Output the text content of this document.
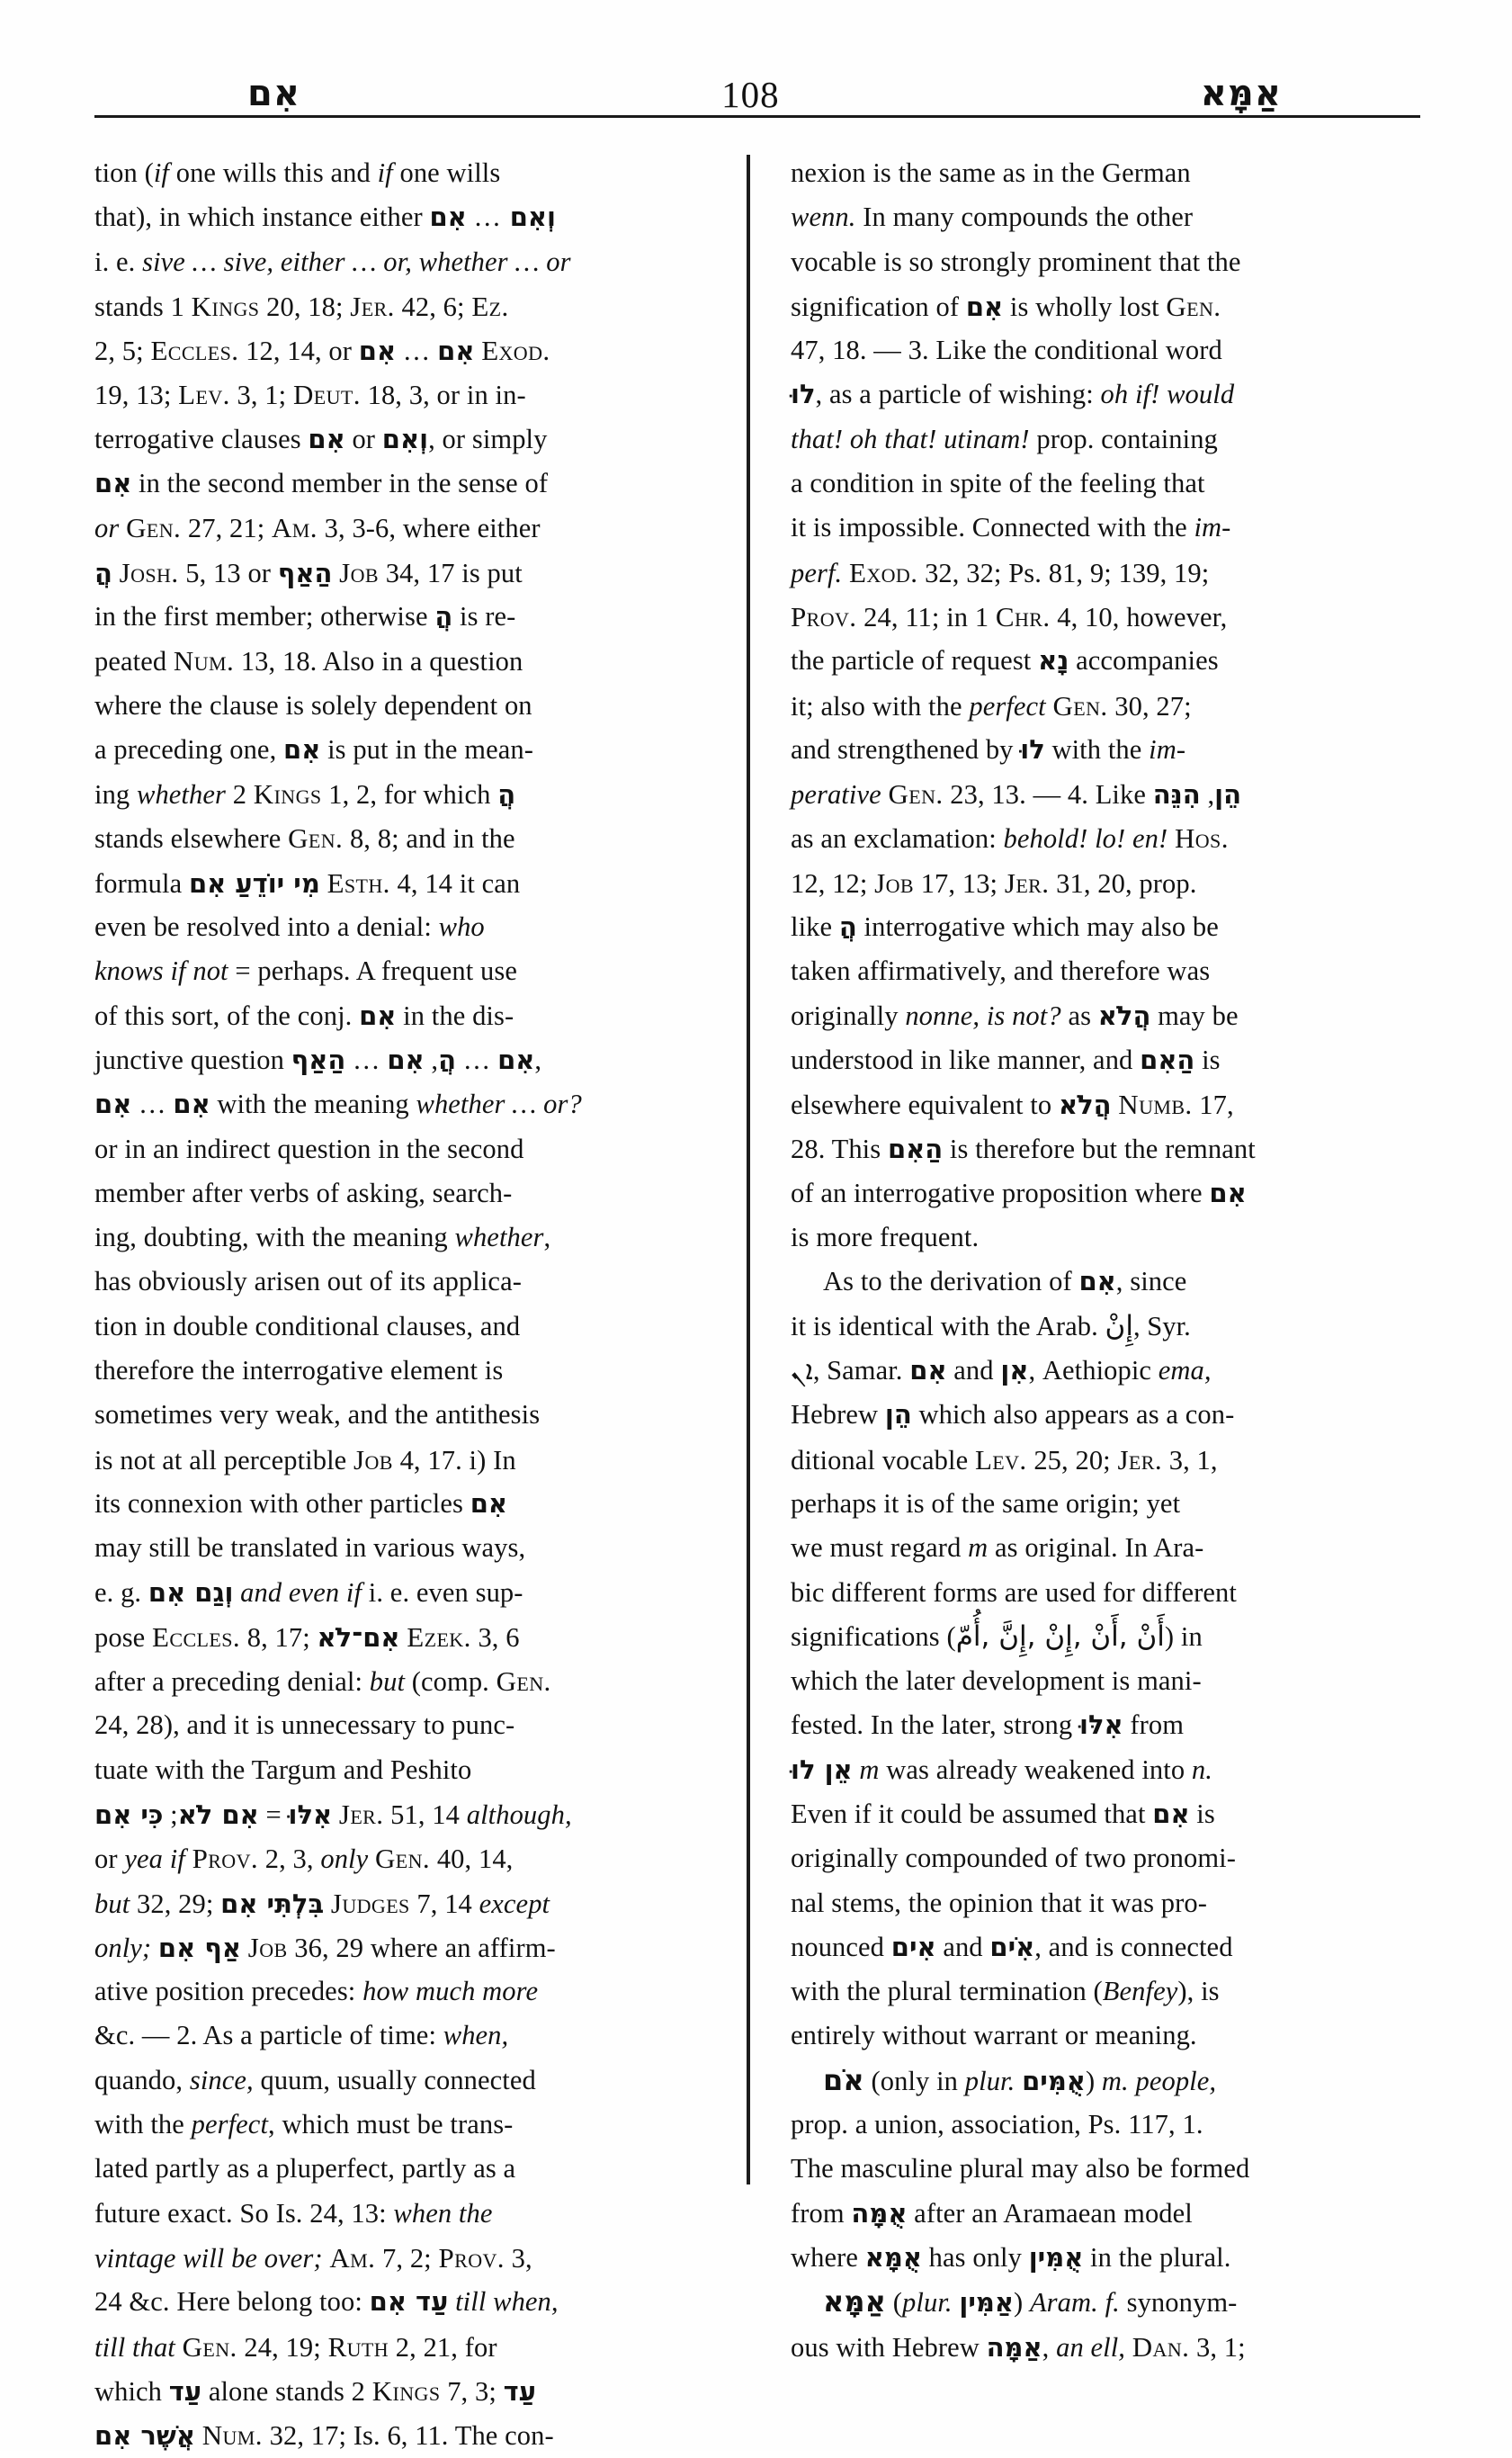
אִם	108	אַמָּא
tion (if one wills this and if one wills
that), in which instance either	וְאִם … אִם
i. e. sive … sive, either … or, whether … or
stands 1 Kings 20, 18; Jer. 42, 6; Ez.
2, 5; Eccles. 12, 14, or	אִם … אִם	Exod.
19, 13; Lev. 3, 1; Deut. 18, 3, or in in-
terrogative clauses אִם or וְאִם, or simply
אִם in the second member in the sense of
or Gen. 27, 21; Am. 3, 3-6, where either
הֲ Josh. 5, 13 or הַאַף Job 34, 17 is put
in the first member; otherwise הֲ is re-
peated Num. 13, 18. Also in a question
where the clause is solely dependent on
a preceding one, אִם is put in the mean-
ing whether 2 Kings 1, 2, for which הֲ
stands elsewhere Gen. 8, 8; and in the
formula מִי יוֹדֵעַ אִם Esth. 4, 14 it can
even be resolved into a denial: who
knows if not = perhaps. A frequent use
of this sort, of the conj. אִם in the dis-
junctive question	אִם … הֲ, אִם … הַאַף	,
אִם … אִם	with the meaning whether … or?
or in an indirect question in the second
member after verbs of asking, search-
ing, doubting, with the meaning whether,
has obviously arisen out of its applica-
tion in double conditional clauses, and
therefore the interrogative element is
sometimes very weak, and the antithesis
is not at all perceptible Job 4, 17. i) In
its connexion with other particles אִם
may still be translated in various ways,
e. g. וְגַם אִם and even if i. e. even sup-
pose Eccles. 8, 17; אִם־לֹא Ezek. 3, 6
after a preceding denial: but (comp. Gen.
24, 28), and it is unnecessary to punc-
tuate with the Targum and Peshito
אִלּוּ = אִם לֹא; כִּי אִם	Jer. 51, 14 although,
or yea if Prov. 2, 3, only Gen. 40, 14,
but 32, 29; בִּלְתִּי אִם Judges 7, 14 except
only; אַף אִם Job 36, 29 where an affirm-
ative position precedes: how much more
&c. — 2. As a particle of time: when,
quando, since, quum, usually connected
with the perfect, which must be trans-
lated partly as a pluperfect, partly as a
future exact. So Is. 24, 13: when the
vintage will be over; Am. 7, 2; Prov. 3,
24 &c. Here belong too: עַד אִם till when,
till that Gen. 24, 19; Ruth 2, 21, for
which עַד alone stands 2 Kings 7, 3; עַד
אֲשֶׁר אִם Num. 32, 17; Is. 6, 11. The con-
nexion is the same as in the German
wenn. In many compounds the other
vocable is so strongly prominent that the
signification of אִם is wholly lost Gen.
47, 18. — 3. Like the conditional word
לוּ, as a particle of wishing: oh if! would
that! oh that! utinam! prop. containing
a condition in spite of the feeling that
it is impossible. Connected with the im-
perf. Exod. 32, 32; Ps. 81, 9; 139, 19;
Prov. 24, 11; in 1 Chr. 4, 10, however,
the particle of request נָא accompanies
it; also with the perfect Gen. 30, 27;
and strengthened by לוּ with the im-
perative Gen. 23, 13. — 4. Like הֵן, הִנֵּה
as an exclamation: behold! lo! en! Hos.
12, 12; Job 17, 13; Jer. 31, 20, prop.
like הֲ interrogative which may also be
taken affirmatively, and therefore was
originally nonne, is not? as הֲלֹא may be
understood in like manner, and הַאִם is
elsewhere equivalent to הֲלֹא Numb. 17,
28. This הַאִם is therefore but the remnant
of an interrogative proposition where אִם
is more frequent.
As to the derivation of אִם, since
it is identical with the Arab. إِنْ, Syr.
ܐܢ, Samar. אִם and אִן, Aethiopic ema,
Hebrew הֵן which also appears as a con-
ditional vocable Lev. 25, 20; Jer. 3, 1,
perhaps it is of the same origin; yet
we must regard m as original. In Ara-
bic different forms are used for different
significations (أَنْ ,أَنْ ,إِنْ ,إِنَّ ,أُمّ) in
which the later development is mani-
fested. In the later, strong אִלּוּ from
אֵן לוּ m was already weakened into n.
Even if it could be assumed that אִם is
originally compounded of two pronomi-
nal stems, the opinion that it was pro-
nounced אִים and אִֹים, and is connected
with the plural termination (Benfey), is
entirely without warrant or meaning.
אֹם (only in plur. אֻמִּים) m. people,
prop. a union, association, Ps. 117, 1.
The masculine plural may also be formed
from אֻמָּה after an Aramaean model
where אֻמָּא has only אֻמִּין in the plural.
אַמָּא (plur. אַמִּין) Aram. f. synonym-
ous with Hebrew אַמָּה, an ell, Dan. 3, 1;
